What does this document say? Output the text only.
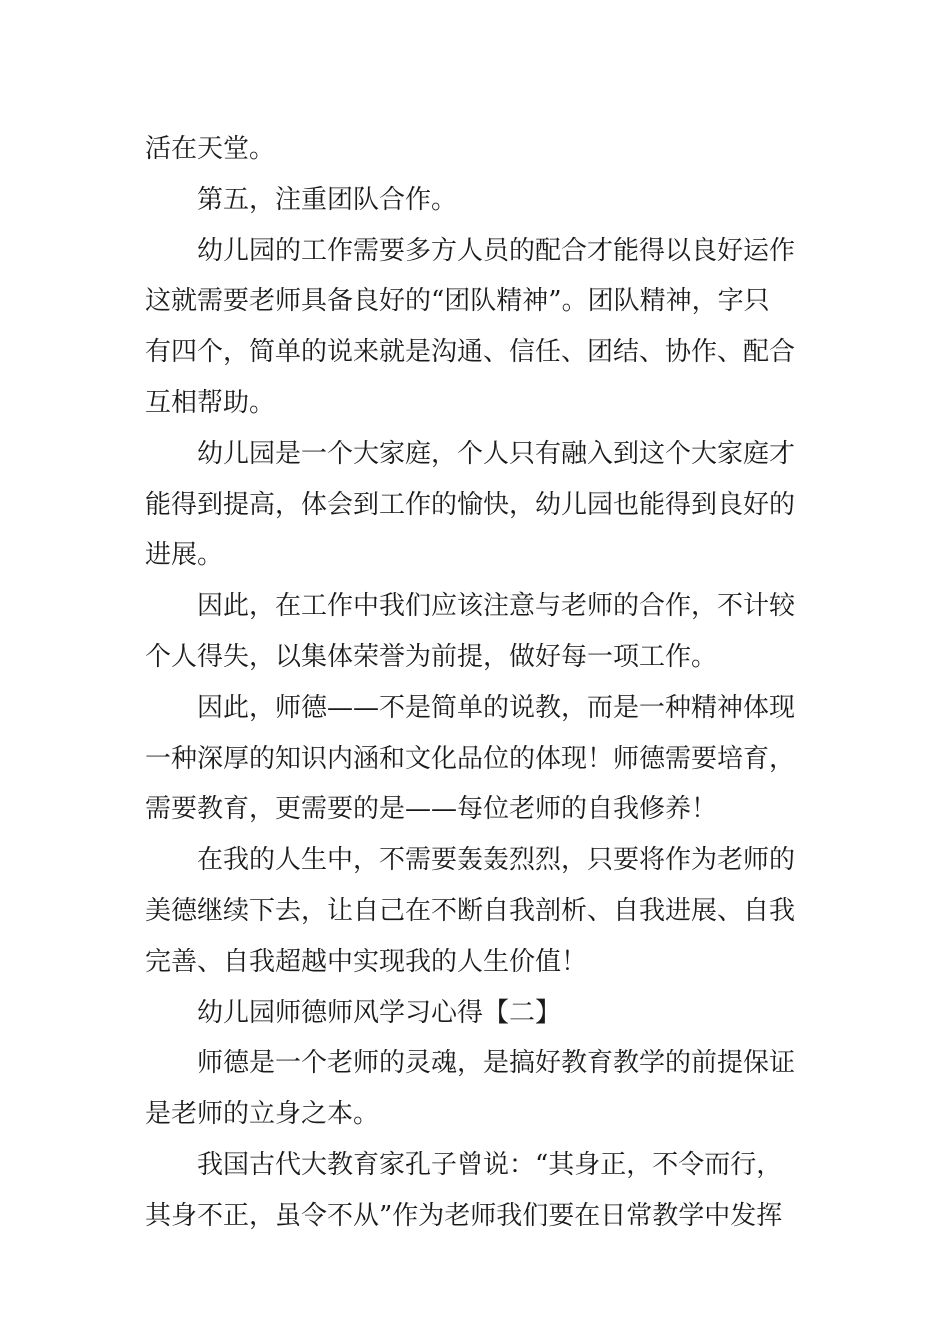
活在天堂。

第五，注重团队合作。

幼儿园的工作需要多方人员的配合才能得以良好运作

这就需要老师具备良好的“团队精神”。团队精神，字只

有四个，简单的说来就是沟通、信任、团结、协作、配合

互相帮助。

幼儿园是一个大家庭，个人只有融入到这个大家庭才

能得到提高，体会到工作的愉快，幼儿园也能得到良好的

进展。

因此，在工作中我们应该注意与老师的合作，不计较

个人得失，以集体荣誉为前提，做好每一项工作。

因此，师德——不是简单的说教，而是一种精神体现

一种深厚的知识内涵和文化品位的体现！师德需要培育，

需要教育，更需要的是——每位老师的自我修养！

在我的人生中，不需要轰轰烈烈，只要将作为老师的

美德继续下去，让自己在不断自我剖析、自我进展、自我

完善、自我超越中实现我的人生价值！

幼儿园师德师风学习心得【二】

师德是一个老师的灵魂，是搞好教育教学的前提保证

是老师的立身之本。

我国古代大教育家孔子曾说：“其身正，不令而行，

其身不正，虽令不从”作为老师我们要在日常教学中发挥
